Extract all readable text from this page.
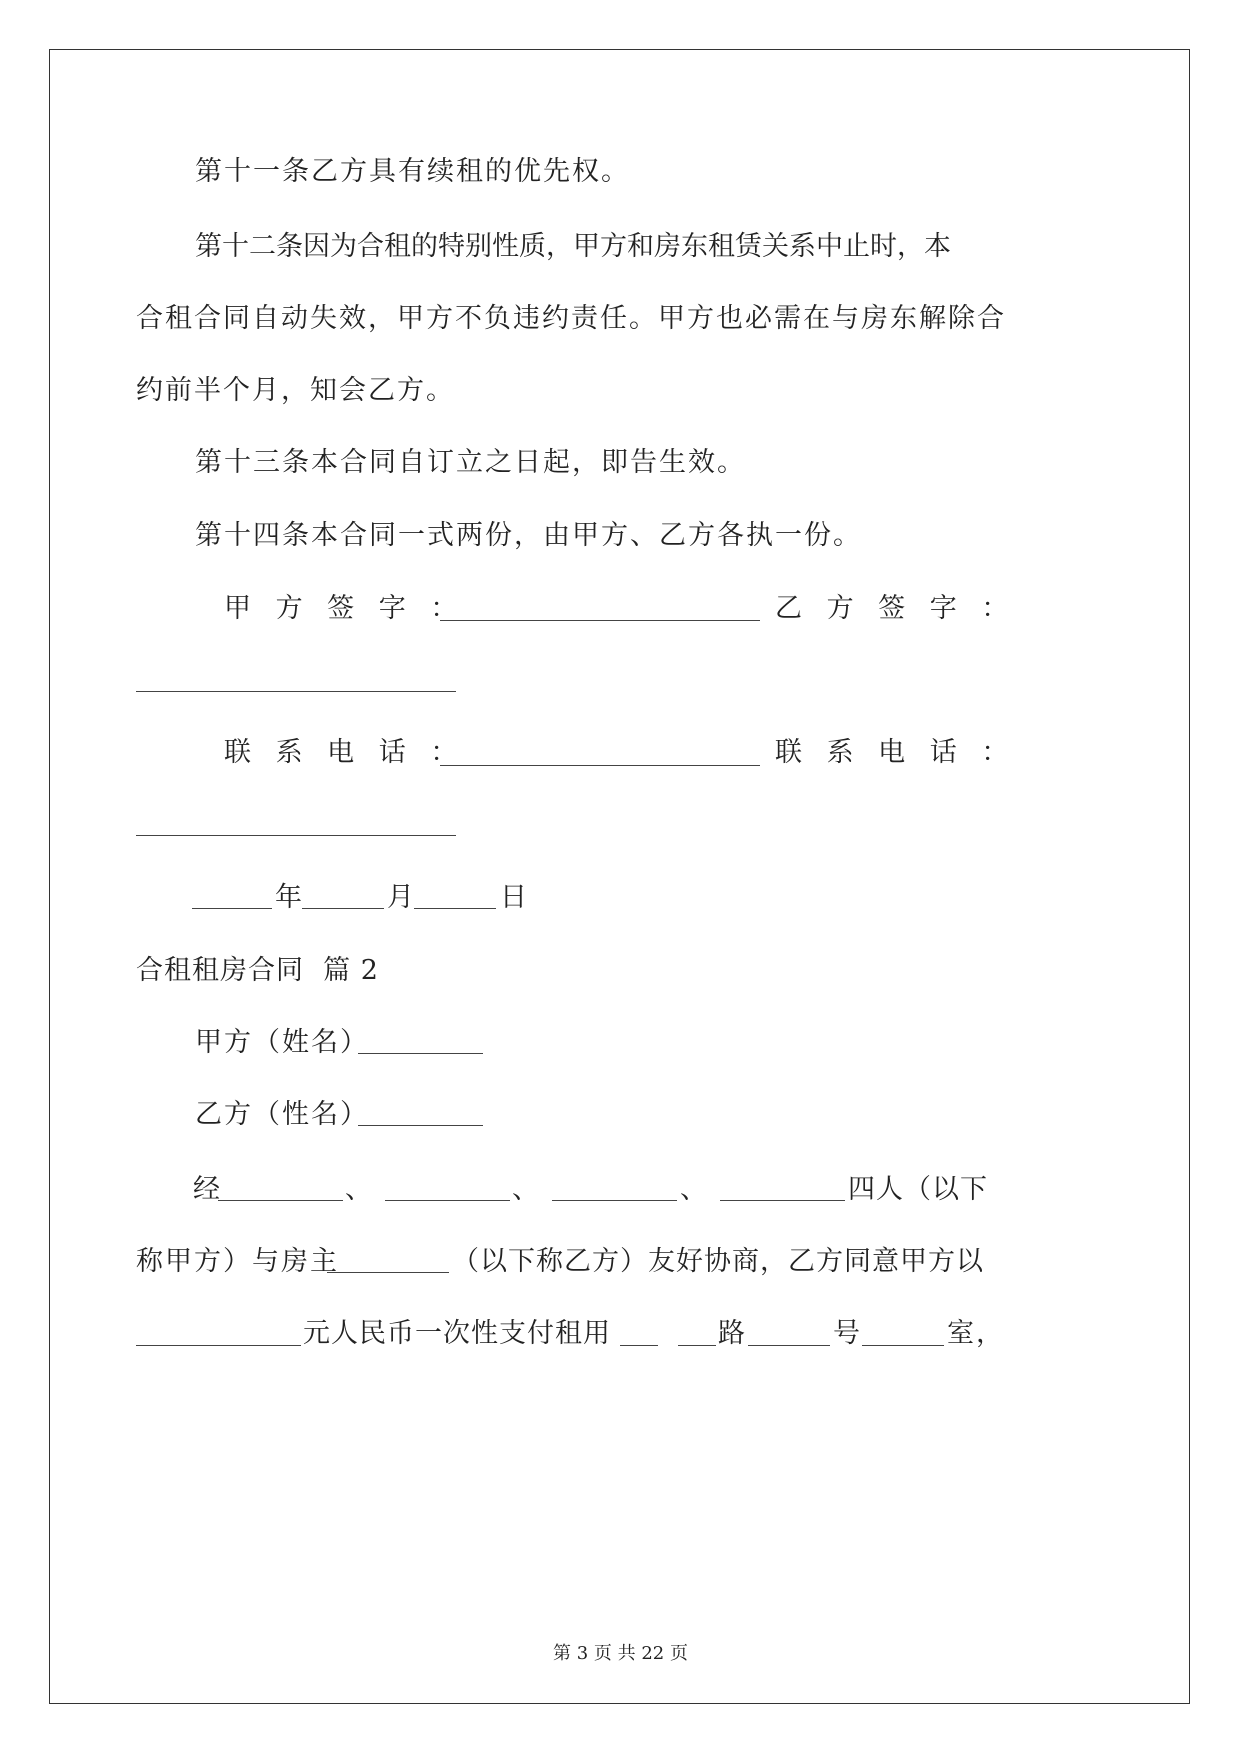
第十一条乙方具有续租的优先权。
第十二条因为合租的特别性质，甲方和房东租赁关系中止时，本
合租合同自动失效，甲方不负违约责任。甲方也必需在与房东解除合
约前半个月，知会乙方。
第十三条本合同自订立之日起，即告生效。
第十四条本合同一式两份，由甲方、乙方各执一份。
甲 方 签 字 ：	乙 方 签 字 ：
联 系 电 话 ：	联 系 电 话 ：
年	月	日
合租租房合同  篇 2
甲方（姓名）
乙方（性名）
经	、	、	、	四人（以下
称甲方）与房主	（以下称乙方）友好协商，乙方同意甲方以
元人民币一次性支付租用	路	号	室，
第 3 页 共 22 页
